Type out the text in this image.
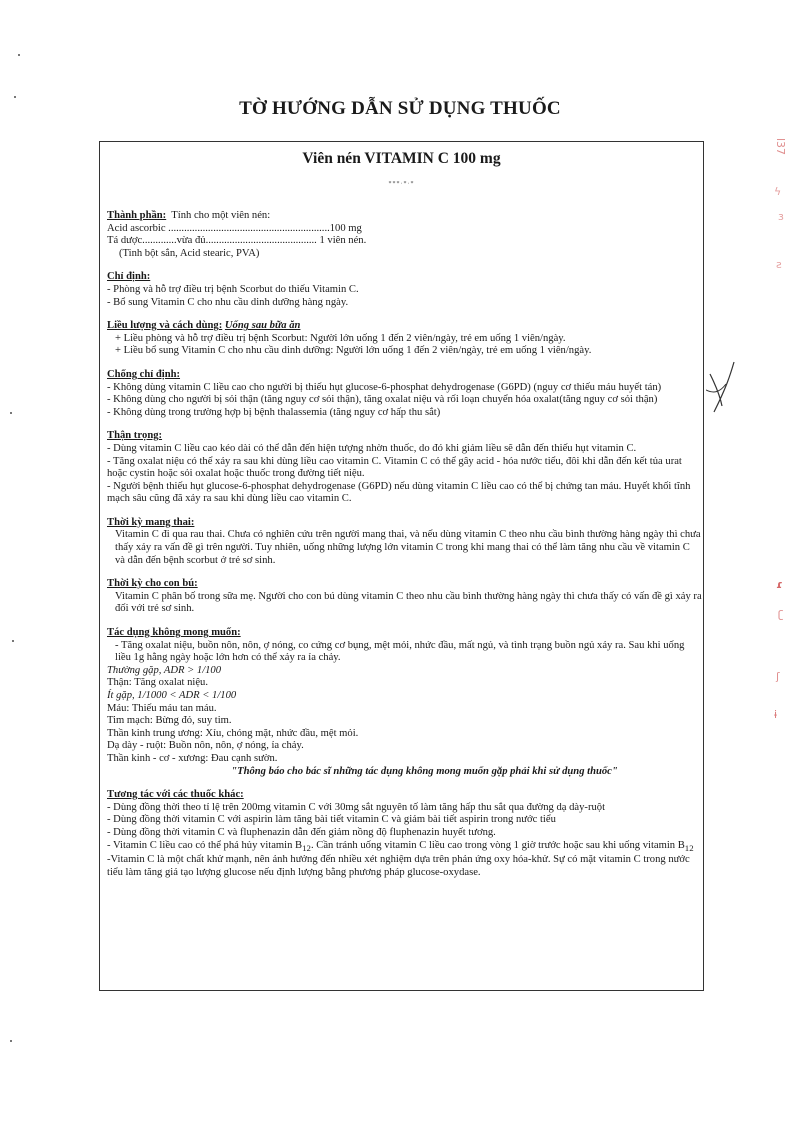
TỜ HƯỚNG DẪN SỬ DỤNG THUỐC
Viên nén VITAMIN C 100 mg
***·*·*

Thành phần: Tính cho một viên nén:

Acid ascorbic .............................................................100 mg

Tá dược.............vừa đủ.......................................... 1 viên nén.

(Tinh bột sắn, Acid stearic, PVA)

Chỉ định:

- Phòng và hỗ trợ điều trị bệnh Scorbut do thiếu Vitamin C.

- Bổ sung Vitamin C cho nhu cầu dinh dưỡng hàng ngày.

Liều lượng và cách dùng: Uống sau bữa ăn

+ Liều phòng và hỗ trợ điều trị bệnh Scorbut: Người lớn uống 1 đến 2 viên/ngày, trẻ em uống 1 viên/ngày.

+ Liều bổ sung Vitamin C cho nhu cầu dinh dưỡng: Người lớn uống 1 đến 2 viên/ngày, trẻ em uống 1 viên/ngày.

Chống chỉ định:

- Không dùng vitamin C liều cao cho người bị thiếu hụt glucose-6-phosphat dehydrogenase (G6PD) (nguy cơ thiếu máu huyết tán)

- Không dùng cho người bị sỏi thận (tăng nguy cơ sỏi thận), tăng oxalat niệu và rối loạn chuyển hóa oxalat(tăng nguy cơ sỏi thận)

- Không dùng trong trường hợp bị bệnh thalassemia (tăng nguy cơ hấp thu sắt)

Thận trọng:

- Dùng vitamin C liều cao kéo dài có thể dẫn đến hiện tượng nhờn thuốc, do đó khi giảm liều sẽ dẫn đến thiếu hụt vitamin C.

- Tăng oxalat niệu có thể xảy ra sau khi dùng liều cao vitamin C. Vitamin C có thể gây acid - hóa nước tiểu, đôi khi dẫn đến kết tủa urat hoặc cystin hoặc sỏi oxalat hoặc thuốc trong đường tiết niệu.

- Người bệnh thiếu hụt glucose-6-phosphat dehydrogenase (G6PD) nếu dùng vitamin C liều cao có thể bị chứng tan máu. Huyết khối tĩnh mạch sâu cũng đã xảy ra sau khi dùng liều cao vitamin C.

Thời kỳ mang thai:

Vitamin C đi qua rau thai. Chưa có nghiên cứu trên người mang thai, và nếu dùng vitamin C theo nhu cầu bình thường hàng ngày thì chưa thấy xảy ra vấn đề gì trên người. Tuy nhiên, uống những lượng lớn vitamin C trong khi mang thai có thể làm tăng nhu cầu về vitamin C và dẫn đến bệnh scorbut ở trẻ sơ sinh.

Thời kỳ cho con bú:

Vitamin C phân bố trong sữa mẹ. Người cho con bú dùng vitamin C theo nhu cầu bình thường hàng ngày thì chưa thấy có vấn đề gì xảy ra đối với trẻ sơ sinh.

Tác dụng không mong muốn:

- Tăng oxalat niệu, buồn nôn, nôn, ợ nóng, co cứng cơ bụng, mệt mỏi, nhức đầu, mất ngủ, và tình trạng buồn ngủ xảy ra. Sau khi uống liều 1g hằng ngày hoặc lớn hơn có thể xảy ra ỉa chảy.

Thường gặp, ADR > 1/100

Thận: Tăng oxalat niệu.

Ít gặp, 1/1000 < ADR < 1/100

Máu: Thiếu máu tan máu.

Tim mạch: Bừng đỏ, suy tim.

Thần kinh trung ương: Xỉu, chóng mặt, nhức đầu, mệt mỏi.

Dạ dày - ruột: Buồn nôn, nôn, ợ nóng, ỉa chảy.

Thần kinh - cơ - xương: Đau cạnh sườn.

"Thông báo cho bác sĩ những tác dụng không mong muốn gặp phải khi sử dụng thuốc"

Tương tác với các thuốc khác:

- Dùng đồng thời theo tỉ lệ trên 200mg vitamin C với 30mg sắt nguyên tố làm tăng hấp thu sắt qua đường dạ dày-ruột

- Dùng đồng thời vitamin C với aspirin làm tăng bài tiết vitamin C và giảm bài tiết aspirin trong nước tiểu

- Dùng đồng thời vitamin C và fluphenazin dẫn đến giảm nồng độ fluphenazin huyết tương.

- Vitamin C liều cao có thể phá hủy vitamin $B_{12}$. Cần tránh uống vitamin C liều cao trong vòng 1 giờ trước hoặc sau khi uống vitamin $B_{12}$

-Vitamin C là một chất khử mạnh, nên ảnh hưởng đến nhiều xét nghiệm dựa trên phản ứng oxy hóa-khử. Sự có mặt vitamin C trong nước tiểu làm tăng giả tạo lượng glucose nếu định lượng bằng phương pháp glucose-oxydase.

l37
ϟ
ɜ
ƨ
ɾ
ʗ
ʃ
ɨ
